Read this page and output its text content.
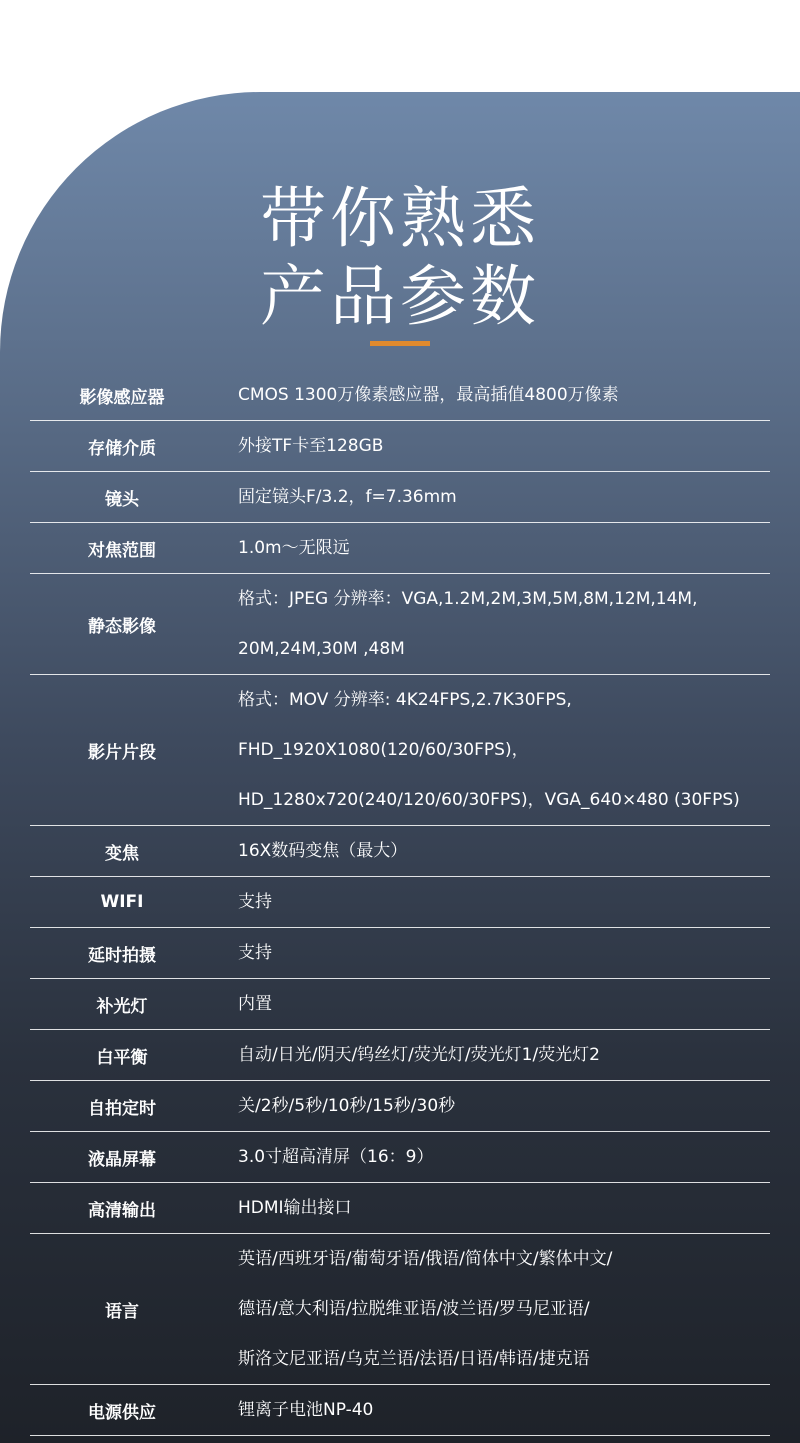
带你熟悉
产品参数
影像感应器	CMOS 1300万像素感应器，最高插值4800万像素

存储介质	外接TF卡至128GB

镜头	固定镜头F/3.2，f=7.36mm

对焦范围	1.0m～无限远

静态影像	格式：JPEG 分辨率：VGA,1.2M,2M,3M,5M,8M,12M,14M,
20M,24M,30M ,48M

影片片段	格式：MOV 分辨率: 4K24FPS,2.7K30FPS,
FHD_1920X1080(120/60/30FPS)，
HD_1280x720(240/120/60/30FPS)，VGA_640×480 (30FPS)

变焦	16X数码变焦（最大）

WIFI	支持

延时拍摄	支持

补光灯	内置

白平衡	自动/日光/阴天/钨丝灯/荧光灯/荧光灯1/荧光灯2

自拍定时	关/2秒/5秒/10秒/15秒/30秒

液晶屏幕	3.0寸超高清屏（16：9）

高清输出	HDMI输出接口

语言	英语/西班牙语/葡萄牙语/俄语/简体中文/繁体中文/
德语/意大利语/拉脱维亚语/波兰语/罗马尼亚语/
斯洛文尼亚语/乌克兰语/法语/日语/韩语/捷克语

电源供应	锂离子电池NP-40
